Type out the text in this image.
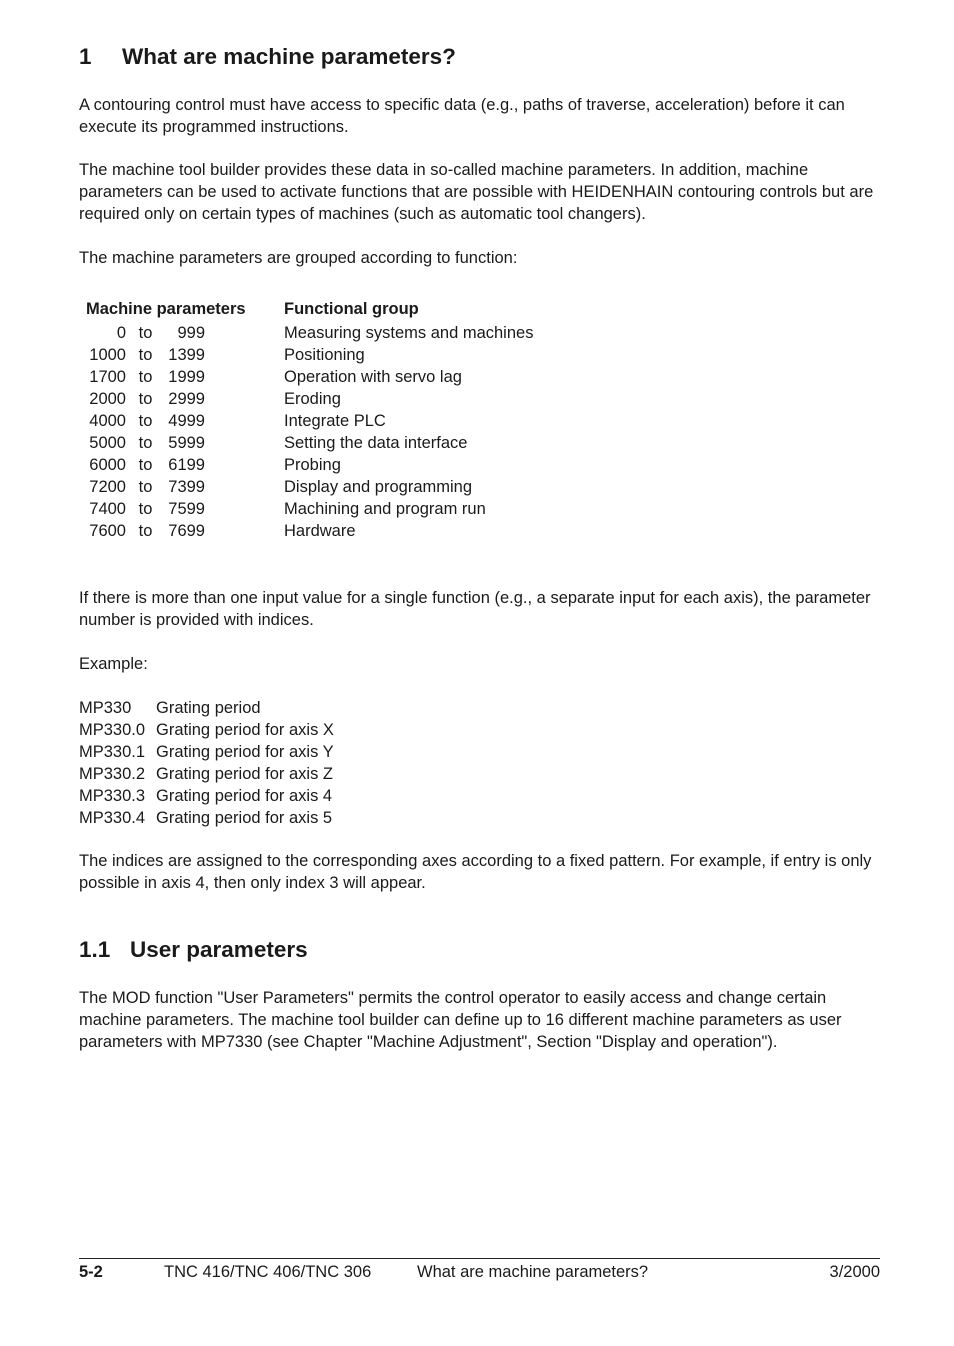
1 What are machine parameters?

A contouring control must have access to specific data (e.g., paths of traverse, acceleration) before it can execute its programmed instructions.

The machine tool builder provides these data in so-called machine parameters. In addition, machine parameters can be used to activate functions that are possible with HEIDENHAIN contouring controls but are required only on certain types of machines (such as automatic tool changers).

The machine parameters are grouped according to function:

Machine parameters	Functional group
0 to	999	Measuring systems and machines
1000 to 1399	Positioning
1700 to 1999	Operation with servo lag
2000 to 2999	Eroding
4000 to 4999	Integrate PLC
5000 to 5999	Setting the data interface
6000 to 6199	Probing
7200 to 7399	Display and programming
7400 to 7599	Machining and program run
7600 to 7699	Hardware

If there is more than one input value for a single function (e.g., a separate input for each axis), the parameter number is provided with indices.

Example:

MP330	Grating period
MP330.0 Grating period for axis X
MP330.1 Grating period for axis Y
MP330.2 Grating period for axis Z
MP330.3 Grating period for axis 4
MP330.4 Grating period for axis 5

The indices are assigned to the corresponding axes according to a fixed pattern. For example, if entry is only possible in axis 4, then only index 3 will appear.

1.1 User parameters

The MOD function "User Parameters" permits the control operator to easily access and change certain machine parameters. The machine tool builder can define up to 16 different machine parameters as user parameters with MP7330 (see Chapter "Machine Adjustment", Section "Display and operation").

5-2	TNC 416/TNC 406/TNC 306	What are machine parameters?	3/2000
